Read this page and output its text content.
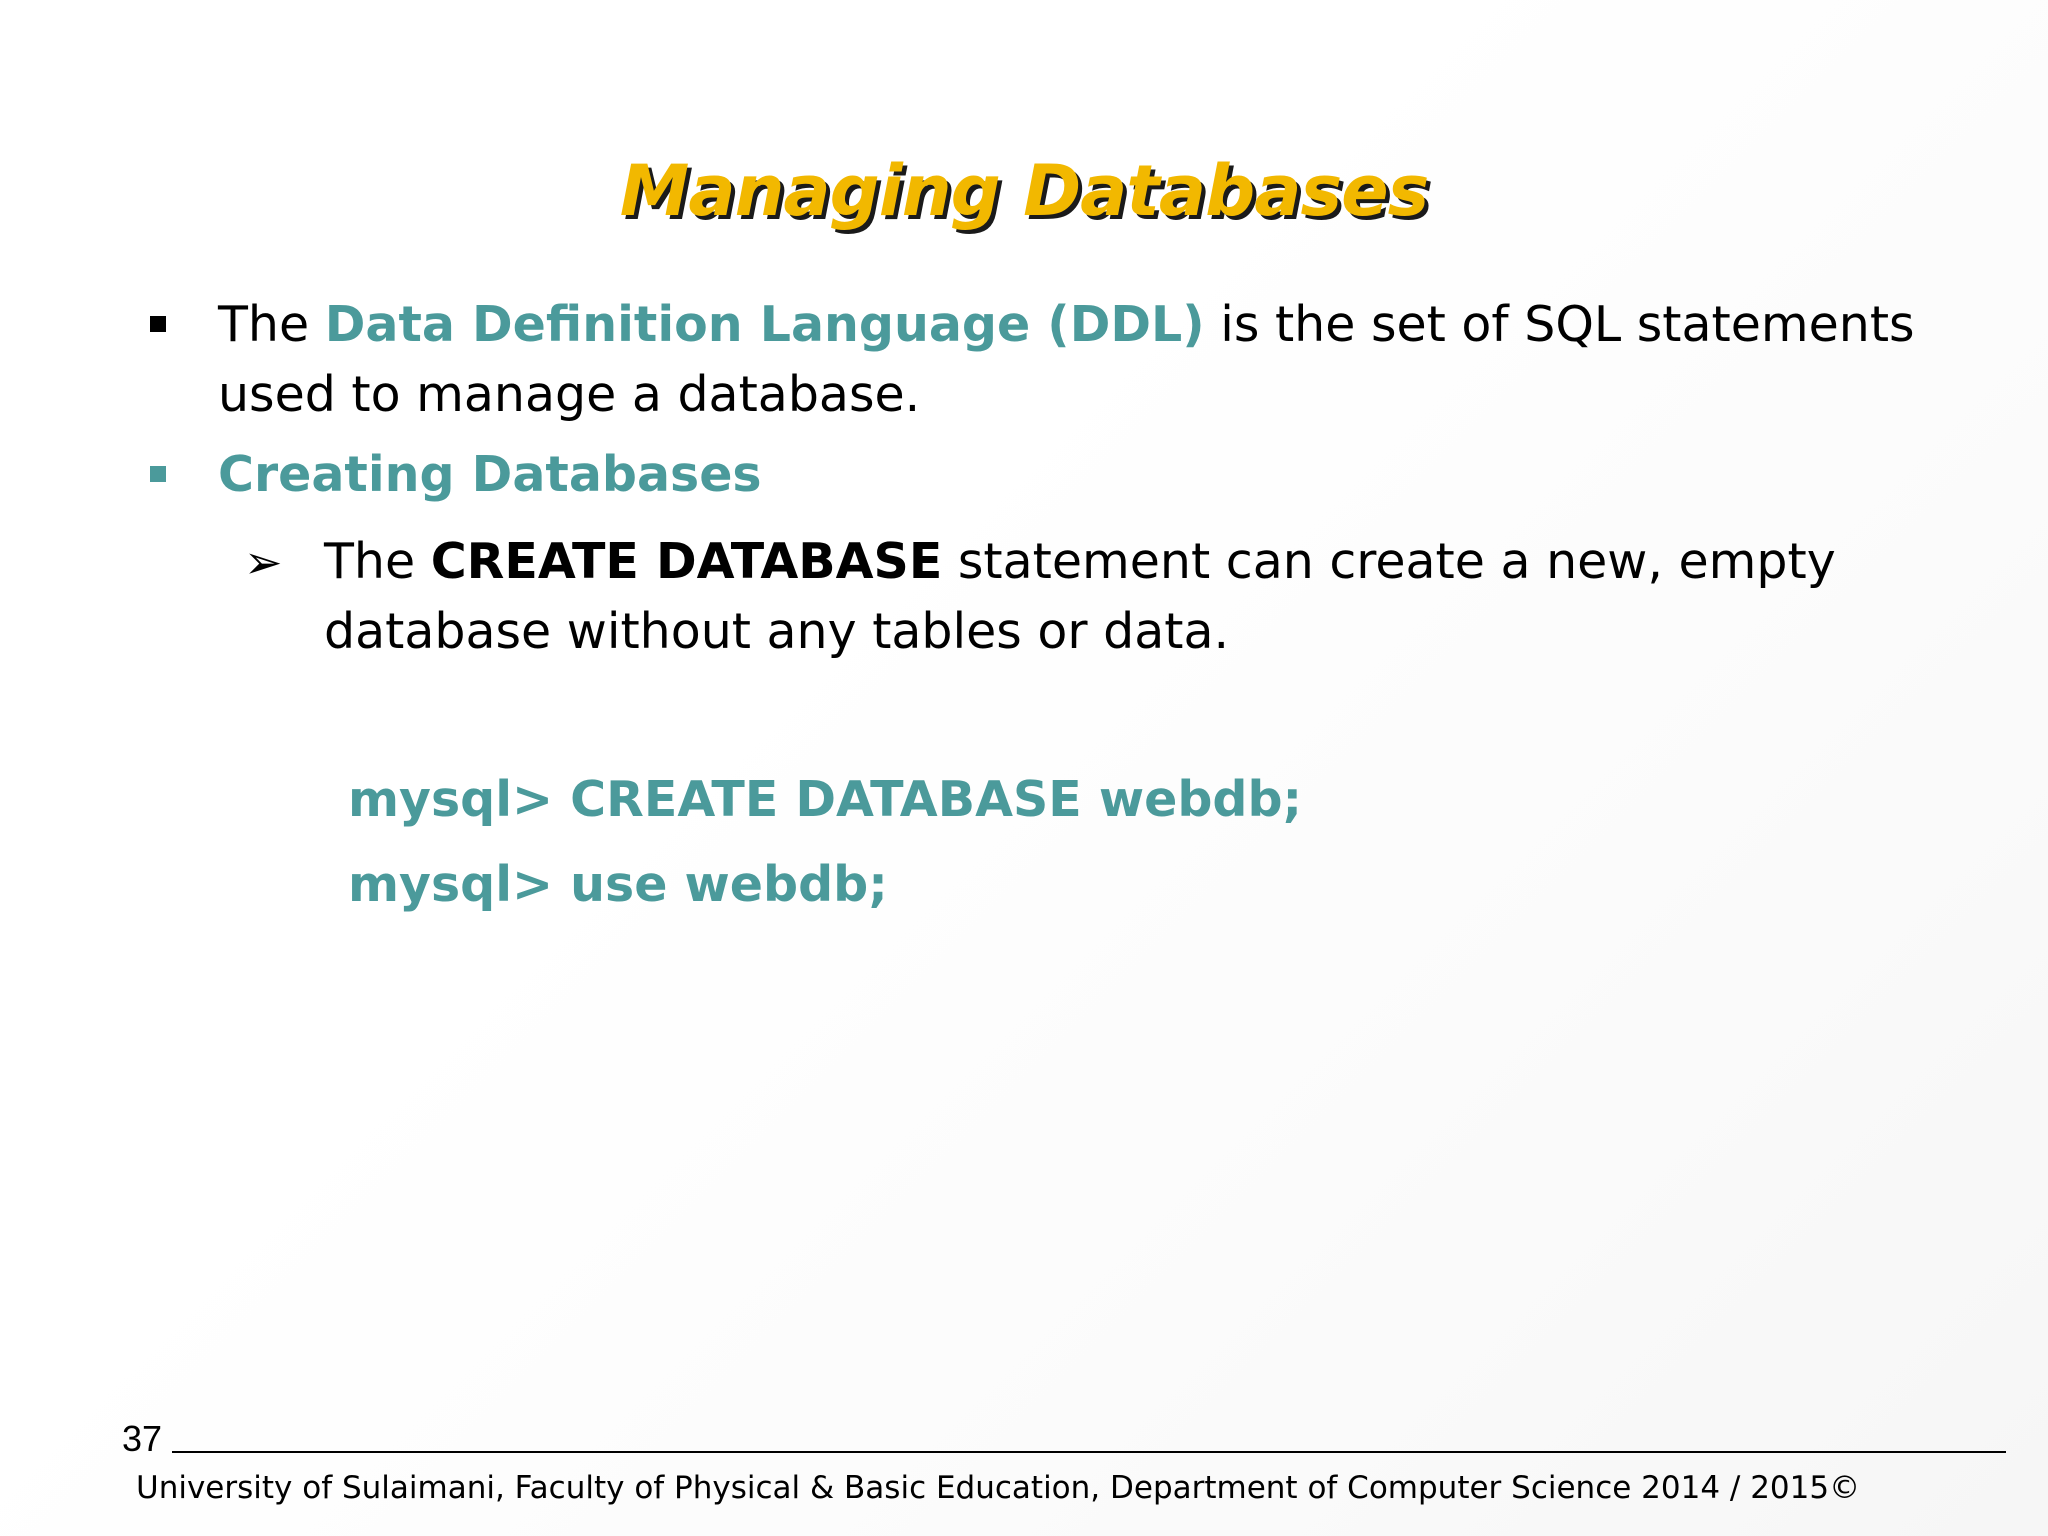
Managing Databases
The Data Definition Language (DDL) is the set of SQL statements used to manage a database.
Creating Databases
➢ The CREATE DATABASE statement can create a new, empty database without any tables or data.
mysql> CREATE DATABASE webdb;
mysql> use webdb;
37
University of Sulaimani, Faculty of Physical & Basic Education, Department of Computer Science 2014 / 2015©
